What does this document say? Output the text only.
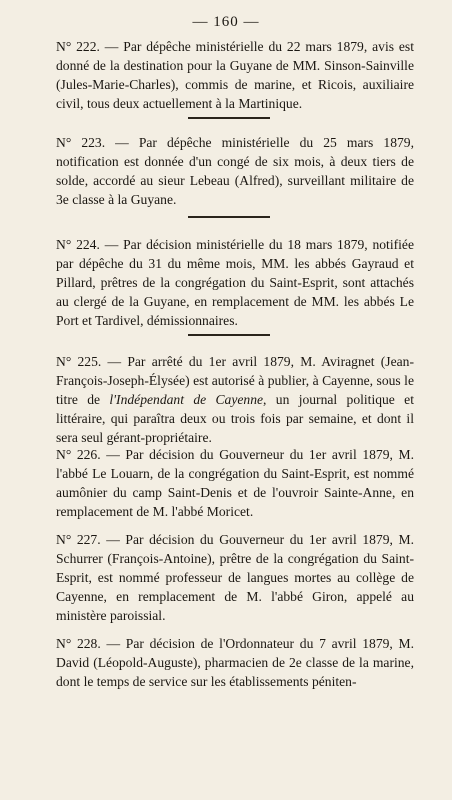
— 160 —

N° 222. — Par dépêche ministérielle du 22 mars 1879, avis est donné de la destination pour la Guyane de MM. Sinson-Sainville (Jules-Marie-Charles), commis de marine, et Ricois, auxiliaire civil, tous deux actuellement à la Martinique.

N° 223. — Par dépêche ministérielle du 25 mars 1879, notification est donnée d'un congé de six mois, à deux tiers de solde, accordé au sieur Lebeau (Alfred), surveillant militaire de 3e classe à la Guyane.

N° 224. — Par décision ministérielle du 18 mars 1879, notifiée par dépêche du 31 du même mois, MM. les abbés Gayraud et Pillard, prêtres de la congrégation du Saint-Esprit, sont attachés au clergé de la Guyane, en remplacement de MM. les abbés Le Port et Tardivel, démissionnaires.

N° 225. — Par arrêté du 1er avril 1879, M. Aviragnet (Jean-François-Joseph-Élysée) est autorisé à publier, à Cayenne, sous le titre de l'Indépendant de Cayenne, un journal politique et littéraire, qui paraîtra deux ou trois fois par semaine, et dont il sera seul gérant-propriétaire.

N° 226. — Par décision du Gouverneur du 1er avril 1879, M. l'abbé Le Louarn, de la congrégation du Saint-Esprit, est nommé aumônier du camp Saint-Denis et de l'ouvroir Sainte-Anne, en remplacement de M. l'abbé Moricet.

N° 227. — Par décision du Gouverneur du 1er avril 1879, M. Schurrer (François-Antoine), prêtre de la congrégation du Saint-Esprit, est nommé professeur de langues mortes au collège de Cayenne, en remplacement de M. l'abbé Giron, appelé au ministère paroissial.

N° 228. — Par décision de l'Ordonnateur du 7 avril 1879, M. David (Léopold-Auguste), pharmacien de 2e classe de la marine, dont le temps de service sur les établissements péniten-
